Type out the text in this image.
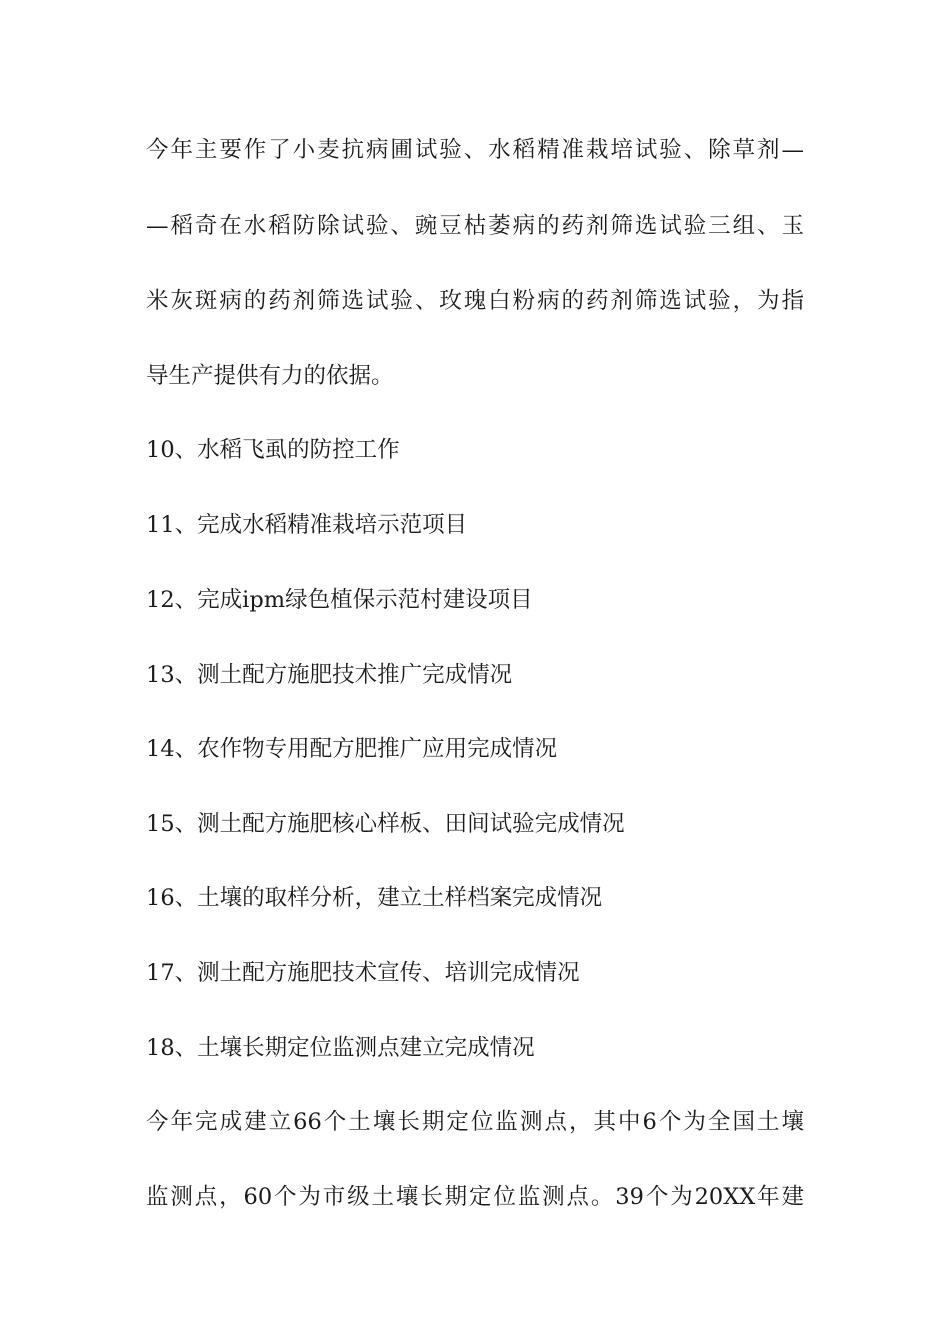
今年主要作了小麦抗病圃试验、水稻精准栽培试验、除草剂—
—稻奇在水稻防除试验、豌豆枯萎病的药剂筛选试验三组、玉
米灰斑病的药剂筛选试验、玫瑰白粉病的药剂筛选试验，为指
导生产提供有力的依据。
10、水稻飞虱的防控工作
11、完成水稻精准栽培示范项目
12、完成ipm绿色植保示范村建设项目
13、测土配方施肥技术推广完成情况
14、农作物专用配方肥推广应用完成情况
15、测土配方施肥核心样板、田间试验完成情况
16、土壤的取样分析，建立土样档案完成情况
17、测土配方施肥技术宣传、培训完成情况
18、土壤长期定位监测点建立完成情况
今年完成建立66个土壤长期定位监测点，其中6个为全国土壤
监测点，60个为市级土壤长期定位监测点。39个为20XX年建
